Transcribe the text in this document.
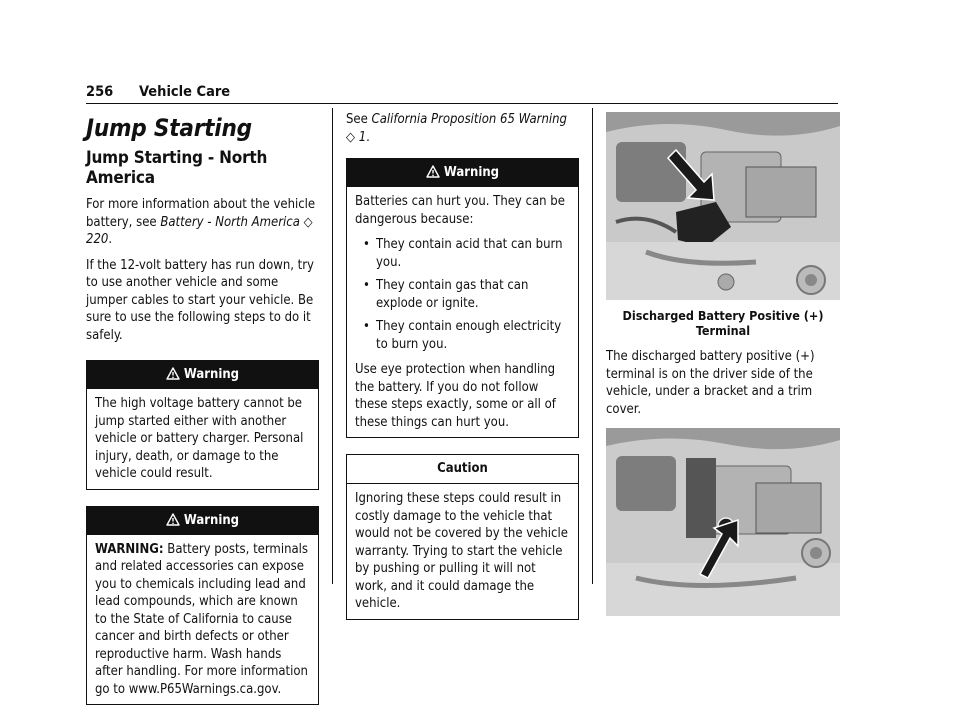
256 Vehicle Care
Jump Starting
Jump Starting - North America

For more information about the vehicle battery, see Battery - North America ◇ 220.

If the 12-volt battery has run down, try to use another vehicle and some jumper cables to start your vehicle. Be sure to use the following steps to do it safely.

Warning

The high voltage battery cannot be jump started either with another vehicle or battery charger. Personal injury, death, or damage to the vehicle could result.

Warning

WARNING: Battery posts, terminals and related accessories can expose you to chemicals including lead and lead compounds, which are known to the State of California to cause cancer and birth defects or other reproductive harm. Wash hands after handling. For more information go to www.P65Warnings.ca.gov.

See California Proposition 65 Warning ◇ 1.

Warning

Batteries can hurt you. They can be dangerous because:

• They contain acid that can burn you.
• They contain gas that can explode or ignite.
• They contain enough electricity to burn you.

Use eye protection when handling the battery. If you do not follow these steps exactly, some or all of these things can hurt you.

Caution

Ignoring these steps could result in costly damage to the vehicle that would not be covered by the vehicle warranty. Trying to start the vehicle by pushing or pulling it will not work, and it could damage the vehicle.

Discharged Battery Positive (+) Terminal

The discharged battery positive (+) terminal is on the driver side of the vehicle, under a bracket and a trim cover.
